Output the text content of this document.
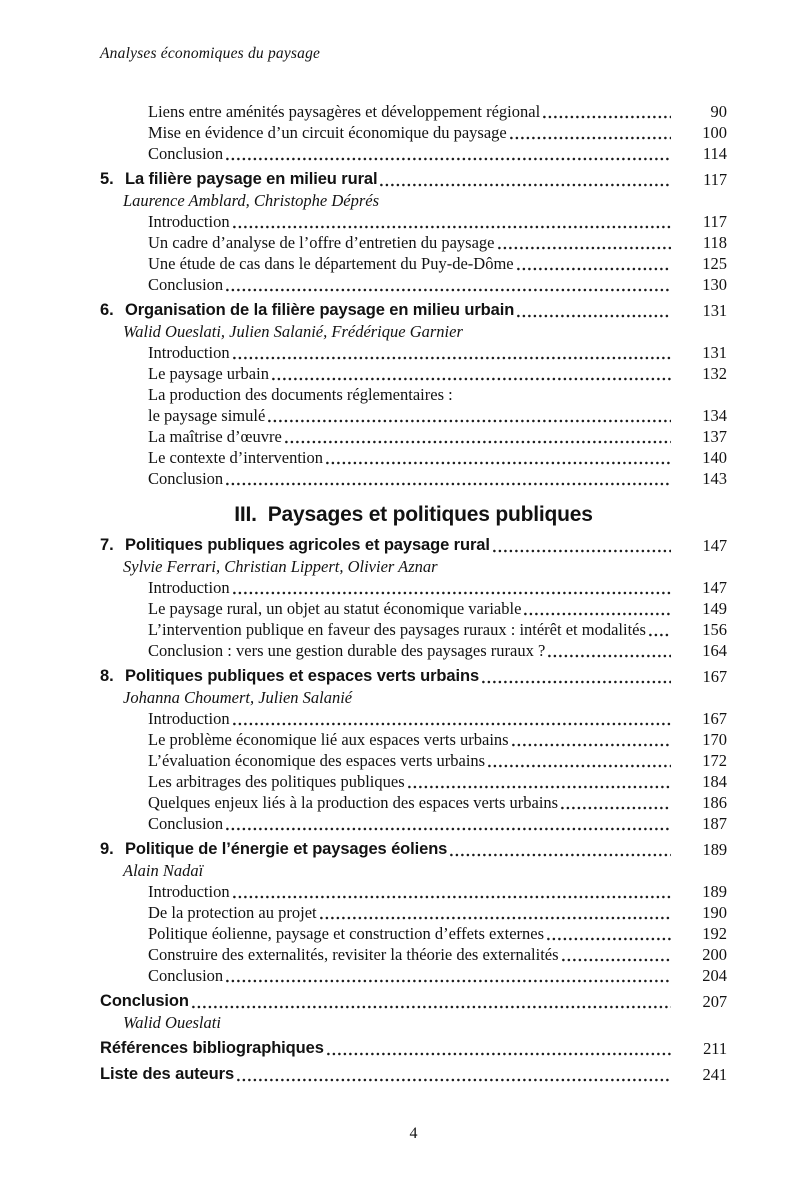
Analyses économiques du paysage
Liens entre aménités paysagères et développement régional	90
Mise en évidence d’un circuit économique du paysage	100
Conclusion	114
5. La filière paysage en milieu rural	117
Laurence Amblard, Christophe Déprés
Introduction	117
Un cadre d’analyse de l’offre d’entretien du paysage	118
Une étude de cas dans le département du Puy-de-Dôme	125
Conclusion	130
6. Organisation de la filière paysage en milieu urbain	131
Walid Oueslati, Julien Salanié, Frédérique Garnier
Introduction	131
Le paysage urbain	132
La production des documents réglementaires :
le paysage simulé	134
La maîtrise d’œuvre	137
Le contexte d’intervention	140
Conclusion	143
III. Paysages et politiques publiques
7. Politiques publiques agricoles et paysage rural	147
Sylvie Ferrari, Christian Lippert, Olivier Aznar
Introduction	147
Le paysage rural, un objet au statut économique variable	149
L’intervention publique en faveur des paysages ruraux : intérêt et modalités	156
Conclusion : vers une gestion durable des paysages ruraux ?	164
8. Politiques publiques et espaces verts urbains	167
Johanna Choumert, Julien Salanié
Introduction	167
Le problème économique lié aux espaces verts urbains	170
L’évaluation économique des espaces verts urbains	172
Les arbitrages des politiques publiques	184
Quelques enjeux liés à la production des espaces verts urbains	186
Conclusion	187
9. Politique de l’énergie et paysages éoliens	189
Alain Nadaï
Introduction	189
De la protection au projet	190
Politique éolienne, paysage et construction d’effets externes	192
Construire des externalités, revisiter la théorie des externalités	200
Conclusion	204
Conclusion	207
Walid Oueslati
Références bibliographiques	211
Liste des auteurs	241
4
